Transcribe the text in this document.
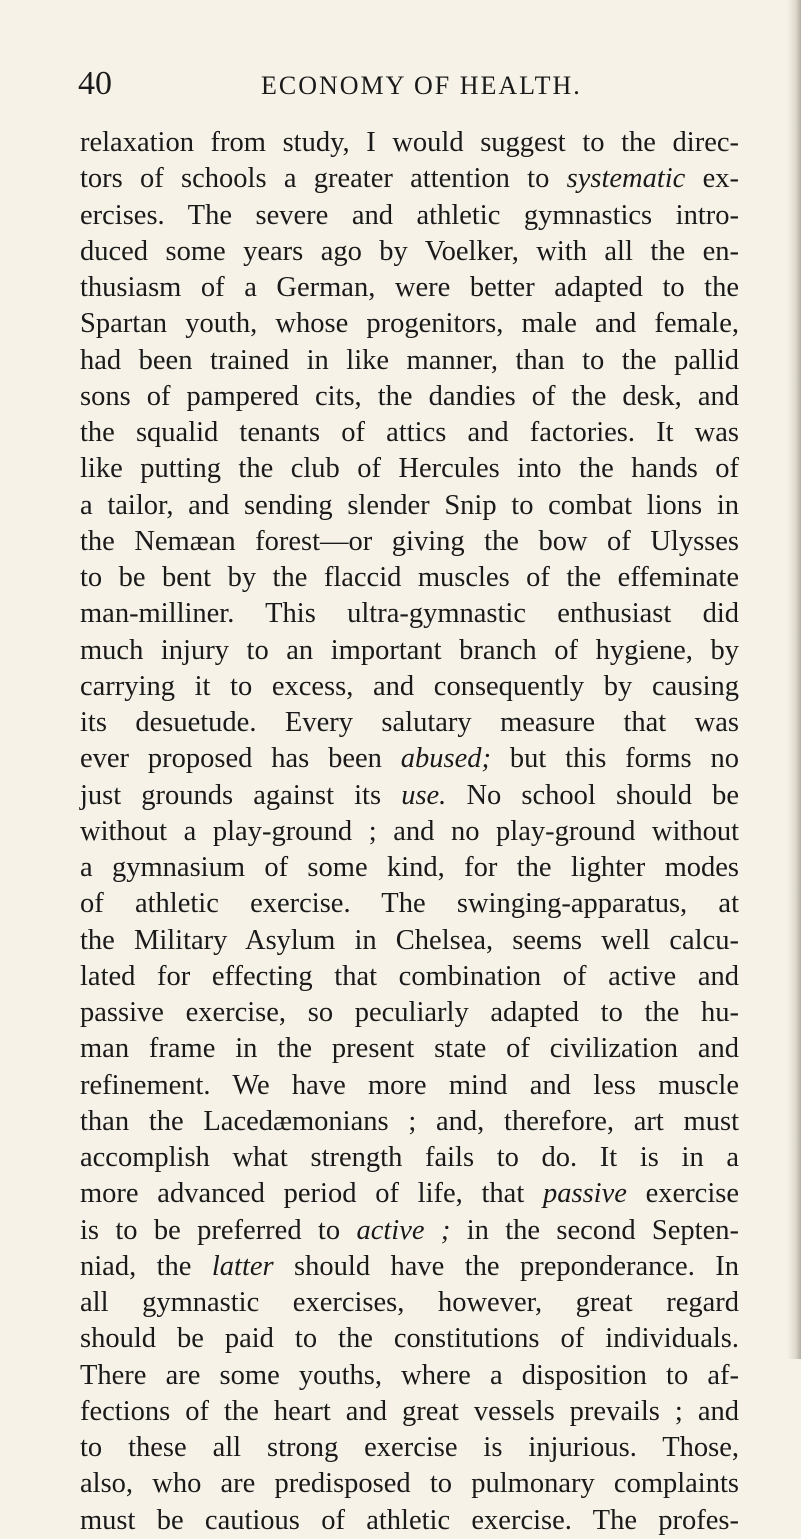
40	ECONOMY OF HEALTH.
relaxation from study, I would suggest to the direc-
tors of schools a greater attention to systematic ex-
ercises. The severe and athletic gymnastics intro-
duced some years ago by Voelker, with all the en-
thusiasm of a German, were better adapted to the
Spartan youth, whose progenitors, male and female,
had been trained in like manner, than to the pallid
sons of pampered cits, the dandies of the desk, and
the squalid tenants of attics and factories. It was
like putting the club of Hercules into the hands of
a tailor, and sending slender Snip to combat lions in
the Nemæan forest—or giving the bow of Ulysses
to be bent by the flaccid muscles of the effeminate
man-milliner. This ultra-gymnastic enthusiast did
much injury to an important branch of hygiene, by
carrying it to excess, and consequently by causing
its desuetude. Every salutary measure that was
ever proposed has been abused; but this forms no
just grounds against its use. No school should be
without a play-ground ; and no play-ground without
a gymnasium of some kind, for the lighter modes
of athletic exercise. The swinging-apparatus, at
the Military Asylum in Chelsea, seems well calcu-
lated for effecting that combination of active and
passive exercise, so peculiarly adapted to the hu-
man frame in the present state of civilization and
refinement. We have more mind and less muscle
than the Lacedæmonians ; and, therefore, art must
accomplish what strength fails to do. It is in a
more advanced period of life, that passive exercise
is to be preferred to active ; in the second Septen-
niad, the latter should have the preponderance. In
all gymnastic exercises, however, great regard
should be paid to the constitutions of individuals.
There are some youths, where a disposition to af-
fections of the heart and great vessels prevails ; and
to these all strong exercise is injurious. Those,
also, who are predisposed to pulmonary complaints
must be cautious of athletic exercise. The profes-
